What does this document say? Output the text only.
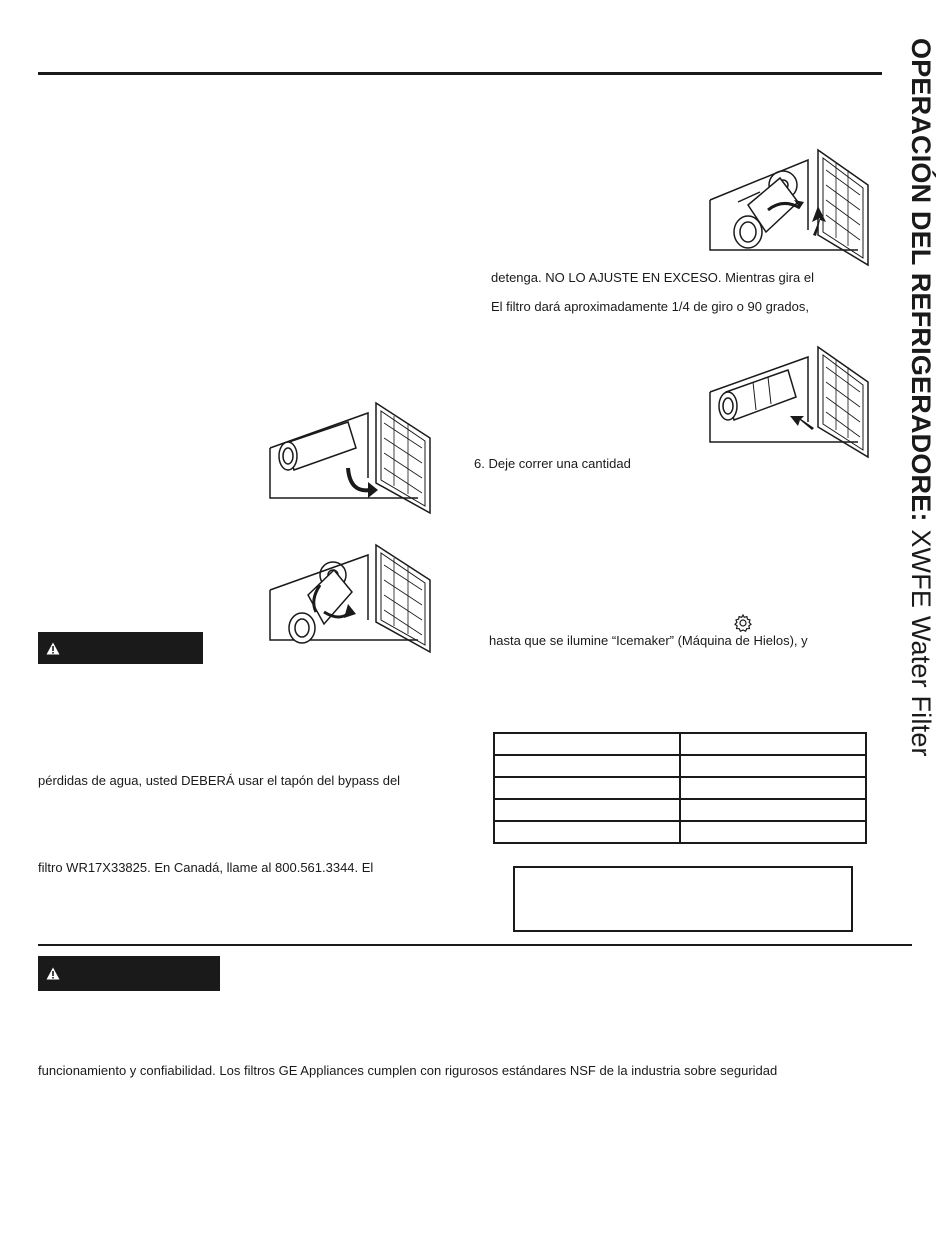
OPERACIÓN DEL REFRIGERADORE: XWFE Water Filter
pérdidas de agua, usted DEBERÁ usar el tapón del bypass del
filtro WR17X33825. En Canadá, llame al 800.561.3344. El
detenga. NO LO AJUSTE EN EXCESO. Mientras gira el
El filtro dará aproximadamente 1/4 de giro o 90 grados,
6. Deje correr una cantidad
hasta que se ilumine “Icemaker” (Máquina de Hielos), y

funcionamiento y confiabilidad. Los filtros GE Appliances cumplen con rigurosos estándares NSF de la industria sobre seguridad
